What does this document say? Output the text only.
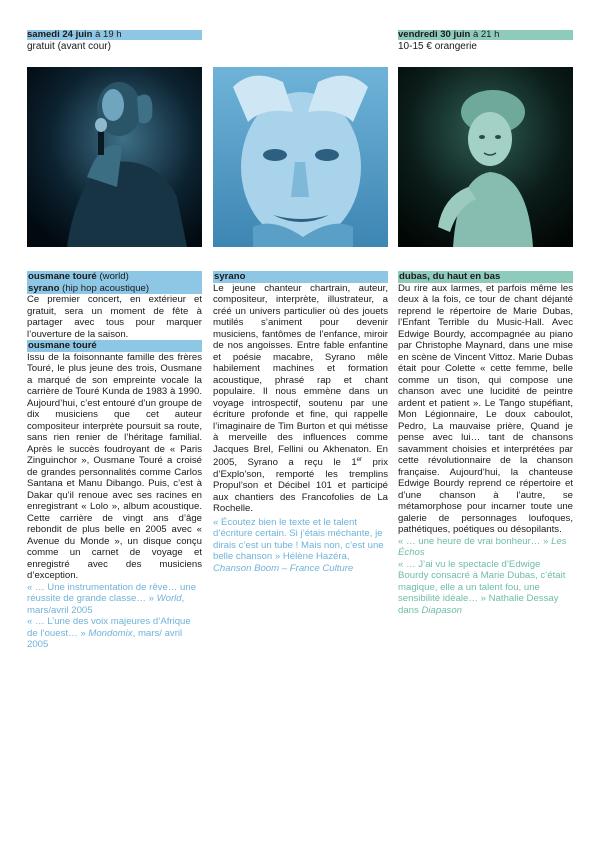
samedi 24 juin à 19 h
gratuit (avant cour)
ousmane touré (world)
syrano (hip hop acoustique)

Ce premier concert, en extérieur et gratuit, sera un moment de fête à partager avec tous pour marquer l’ouverture de la saison.

ousmane touré

Issu de la foisonnante famille des frères Touré, le plus jeune des trois, Ousmane a marqué de son empreinte vocale la carrière de Touré Kunda de 1983 à 1990. Aujourd’hui, c’est entouré d’un groupe de dix musiciens que cet auteur compositeur interprète poursuit sa route, sans rien renier de l’héritage familial. Après le succès foudroyant de « Paris Zinguinchor », Ousmane Touré a croisé de grandes personnalités comme Carlos Santana et Manu Dibango. Puis, c’est à Dakar qu’il renoue avec ses racines en enregistrant « Lolo », album acoustique. Cette carrière de vingt ans d’âge rebondit de plus belle en 2005 avec « Avenue du Monde », un disque conçu comme un carnet de voyage et enregistré avec des musiciens d’exception.

« … Une instrumentation de rêve… une réussite de grande classe… » World, mars/avril 2005

« … L’une des voix majeures d’Afrique de l’ouest… » Mondomix, mars/ avril 2005

syrano

Le jeune chanteur chartrain, auteur, compositeur, interprète, illustrateur, a créé un univers particulier où des jouets mutilés s’animent pour devenir musiciens, fantômes de l’enfance, miroir de nos angoisses. Entre fable enfantine et poésie macabre, Syrano mêle habilement machines et formation acoustique, phrasé rap et chant populaire. Il nous emmène dans un voyage introspectif, soutenu par une écriture profonde et fine, qui rappelle l’imaginaire de Tim Burton et qui métisse à merveille des influences comme Jacques Brel, Fellini ou Akhenaton. En 2005, Syrano a reçu le 1er prix d’Explo’son, remporté les tremplins Propul’son et Décibel 101 et participé aux chantiers des Francofolies de La Rochelle.

« Écoutez bien le texte et le talent d’écriture certain. Si j’étais méchante, je dirais c’est un tube ! Mais non, c’est une belle chanson » Hélène Hazéra, Chanson Boom – France Culture

vendredi 30 juin à 21 h
10-15 € orangerie
dubas, du haut en bas

Du rire aux larmes, et parfois même les deux à la fois, ce tour de chant déjanté reprend le répertoire de Marie Dubas, l’Enfant Terrible du Music-Hall. Avec Edwige Bourdy, accompagnée au piano par Christophe Maynard, dans une mise en scène de Vincent Vittoz. Marie Dubas était pour Colette « cette femme, belle comme un tison, qui compose une chanson avec une lucidité de peintre ardent et patient ». Le Tango stupéfiant, Mon Légionnaire, Le doux caboulot, Pedro, La mauvaise prière, Quand je pense avec lui… tant de chansons savamment choisies et interprétées par cette révolutionnaire de la chanson française. Aujourd’hui, la chanteuse Edwige Bourdy reprend ce répertoire et d’une chanson à l’autre, se métamorphose pour incarner toute une galerie de personnages loufoques, pathétiques, poétiques ou désopilants.

« … une heure de vrai bonheur… » Les Échos

« … J’ai vu le spectacle d’Edwige Bourdy consacré à Marie Dubas, c’était magique, elle a un talent fou, une sensibilité idéale… » Nathalie Dessay dans Diapason
